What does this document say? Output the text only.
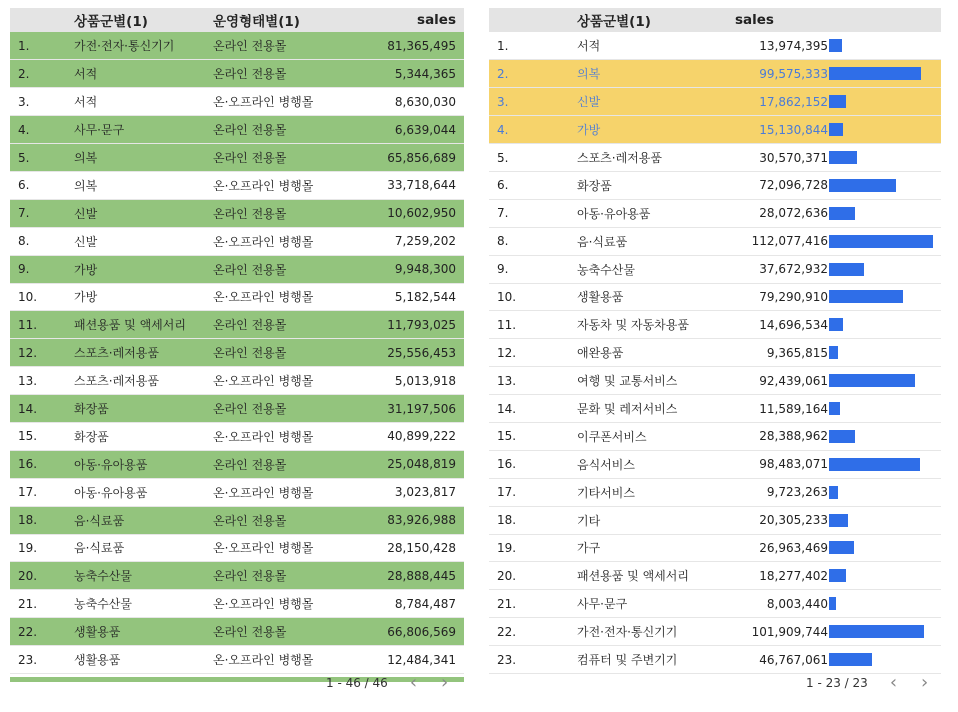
	상품군별(1)	운영형태별(1)	sales
1.	가전·전자·통신기기	온라인 전용몰	81,365,495
2.	서적	온라인 전용몰	5,344,365
3.	서적	온·오프라인 병행몰	8,630,030
4.	사무·문구	온라인 전용몰	6,639,044
5.	의복	온라인 전용몰	65,856,689
6.	의복	온·오프라인 병행몰	33,718,644
7.	신발	온라인 전용몰	10,602,950
8.	신발	온·오프라인 병행몰	7,259,202
9.	가방	온라인 전용몰	9,948,300
10.	가방	온·오프라인 병행몰	5,182,544
11.	패션용품 및 액세서리	온라인 전용몰	11,793,025
12.	스포츠·레저용품	온라인 전용몰	25,556,453
13.	스포츠·레저용품	온·오프라인 병행몰	5,013,918
14.	화장품	온라인 전용몰	31,197,506
15.	화장품	온·오프라인 병행몰	40,899,222
16.	아동·유아용품	온라인 전용몰	25,048,819
17.	아동·유아용품	온·오프라인 병행몰	3,023,817
18.	음·식료품	온라인 전용몰	83,926,988
19.	음·식료품	온·오프라인 병행몰	28,150,428
20.	농축수산물	온라인 전용몰	28,888,445
21.	농축수산물	온·오프라인 병행몰	8,784,487
22.	생활용품	온라인 전용몰	66,806,569
23.	생활용품	온·오프라인 병행몰	12,484,341
1 - 46 / 46 ‹ ›
	상품군별(1)	sales	
1.	서적	13,974,395	

2.	의복	99,575,333	

3.	신발	17,862,152	

4.	가방	15,130,844	

5.	스포츠·레저용품	30,570,371	

6.	화장품	72,096,728	

7.	아동·유아용품	28,072,636	

8.	음·식료품	112,077,416	

9.	농축수산물	37,672,932	

10.	생활용품	79,290,910	

11.	자동차 및 자동차용품	14,696,534	

12.	애완용품	9,365,815	

13.	여행 및 교통서비스	92,439,061	

14.	문화 및 레저서비스	11,589,164	

15.	이쿠폰서비스	28,388,962	

16.	음식서비스	98,483,071	

17.	기타서비스	9,723,263	

18.	기타	20,305,233	

19.	가구	26,963,469	

20.	패션용품 및 액세서리	18,277,402	

21.	사무·문구	8,003,440	

22.	가전·전자·통신기기	101,909,744	

23.	컴퓨터 및 주변기기	46,767,061	
1 - 23 / 23 ‹ ›
